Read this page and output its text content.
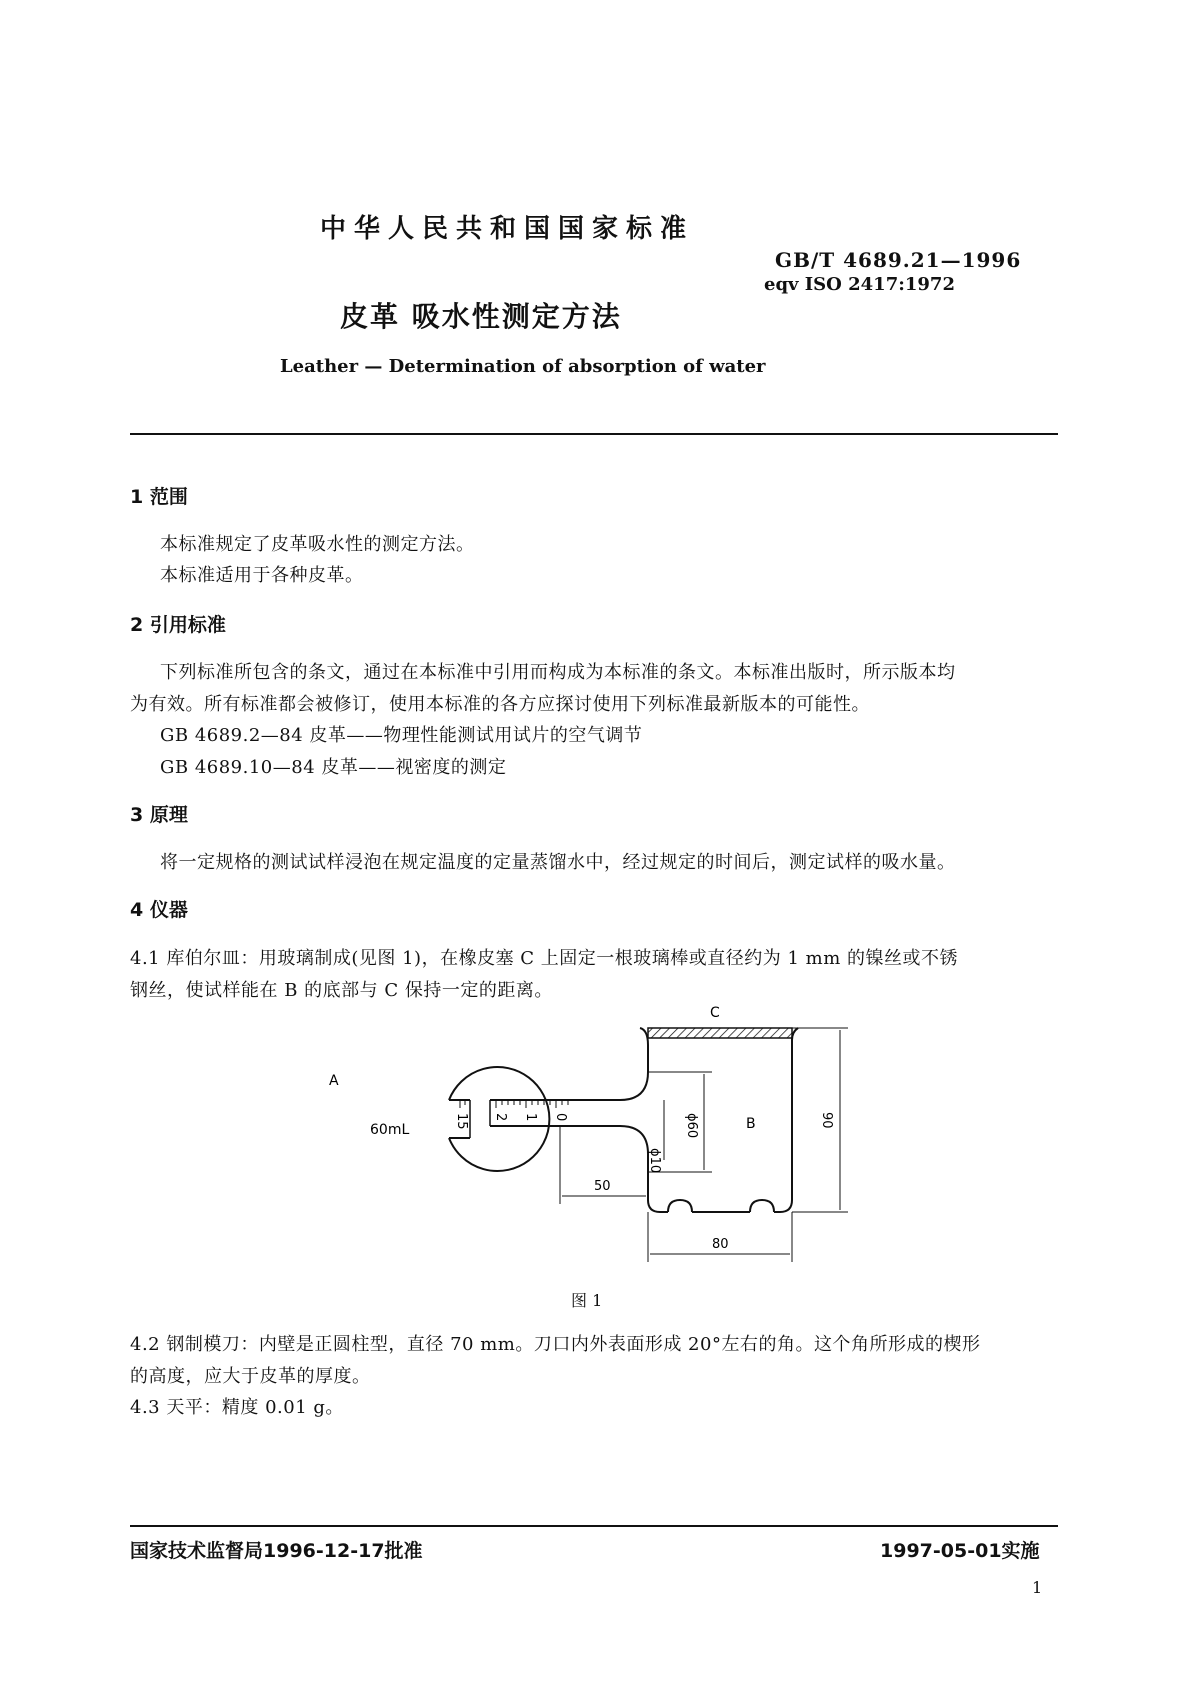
中华人民共和国国家标准
GB/T 4689.21—1996
eqv ISO 2417:1972
皮革 吸水性测定方法
Leather — Determination of absorption of water
1 范围
本标准规定了皮革吸水性的测定方法。
本标准适用于各种皮革。
2 引用标准
下列标准所包含的条文，通过在本标准中引用而构成为本标准的条文。本标准出版时，所示版本均
为有效。所有标准都会被修订，使用本标准的各方应探讨使用下列标准最新版本的可能性。
GB 4689.2—84 皮革——物理性能测试用试片的空气调节
GB 4689.10—84 皮革——视密度的测定
3 原理
将一定规格的测试试样浸泡在规定温度的定量蒸馏水中，经过规定的时间后，测定试样的吸水量。
4 仪器
4.1 库伯尔皿：用玻璃制成(见图 1)，在橡皮塞 C 上固定一根玻璃棒或直径约为 1 mm 的镍丝或不锈
钢丝，使试样能在 B 的底部与 C 保持一定的距离。
A
60mL
C
B
15 2 1 0	ϕ60
ϕ10
90
50
80
图 1
4.2 钢制模刀：内壁是正圆柱型，直径 70 mm。刀口内外表面形成 20°左右的角。这个角所形成的楔形
的高度，应大于皮革的厚度。
4.3 天平：精度 0.01 g。
国家技术监督局1996-12-17批准	1997-05-01实施
1
